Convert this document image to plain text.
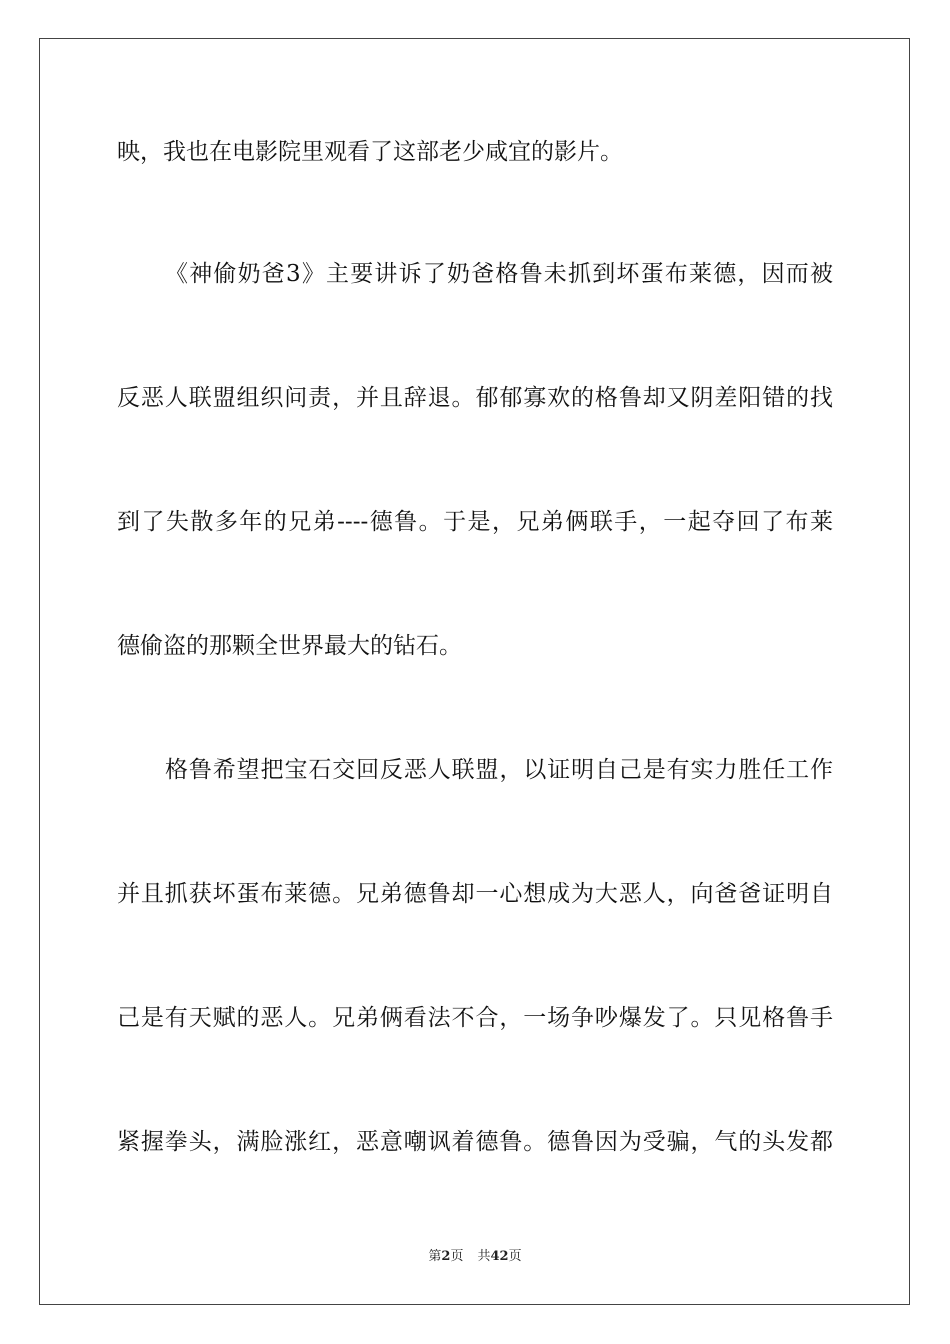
映，我也在电影院里观看了这部老少咸宜的影片。
《神偷奶爸3》主要讲诉了奶爸格鲁未抓到坏蛋布莱德，因而被
反恶人联盟组织问责，并且辞退。郁郁寡欢的格鲁却又阴差阳错的找
到了失散多年的兄弟----德鲁。于是，兄弟俩联手，一起夺回了布莱
德偷盗的那颗全世界最大的钻石。
格鲁希望把宝石交回反恶人联盟，以证明自己是有实力胜任工作
并且抓获坏蛋布莱德。兄弟德鲁却一心想成为大恶人，向爸爸证明自
己是有天赋的恶人。兄弟俩看法不合，一场争吵爆发了。只见格鲁手
紧握拳头，满脸涨红，恶意嘲讽着德鲁。德鲁因为受骗，气的头发都
第2页 共42页
